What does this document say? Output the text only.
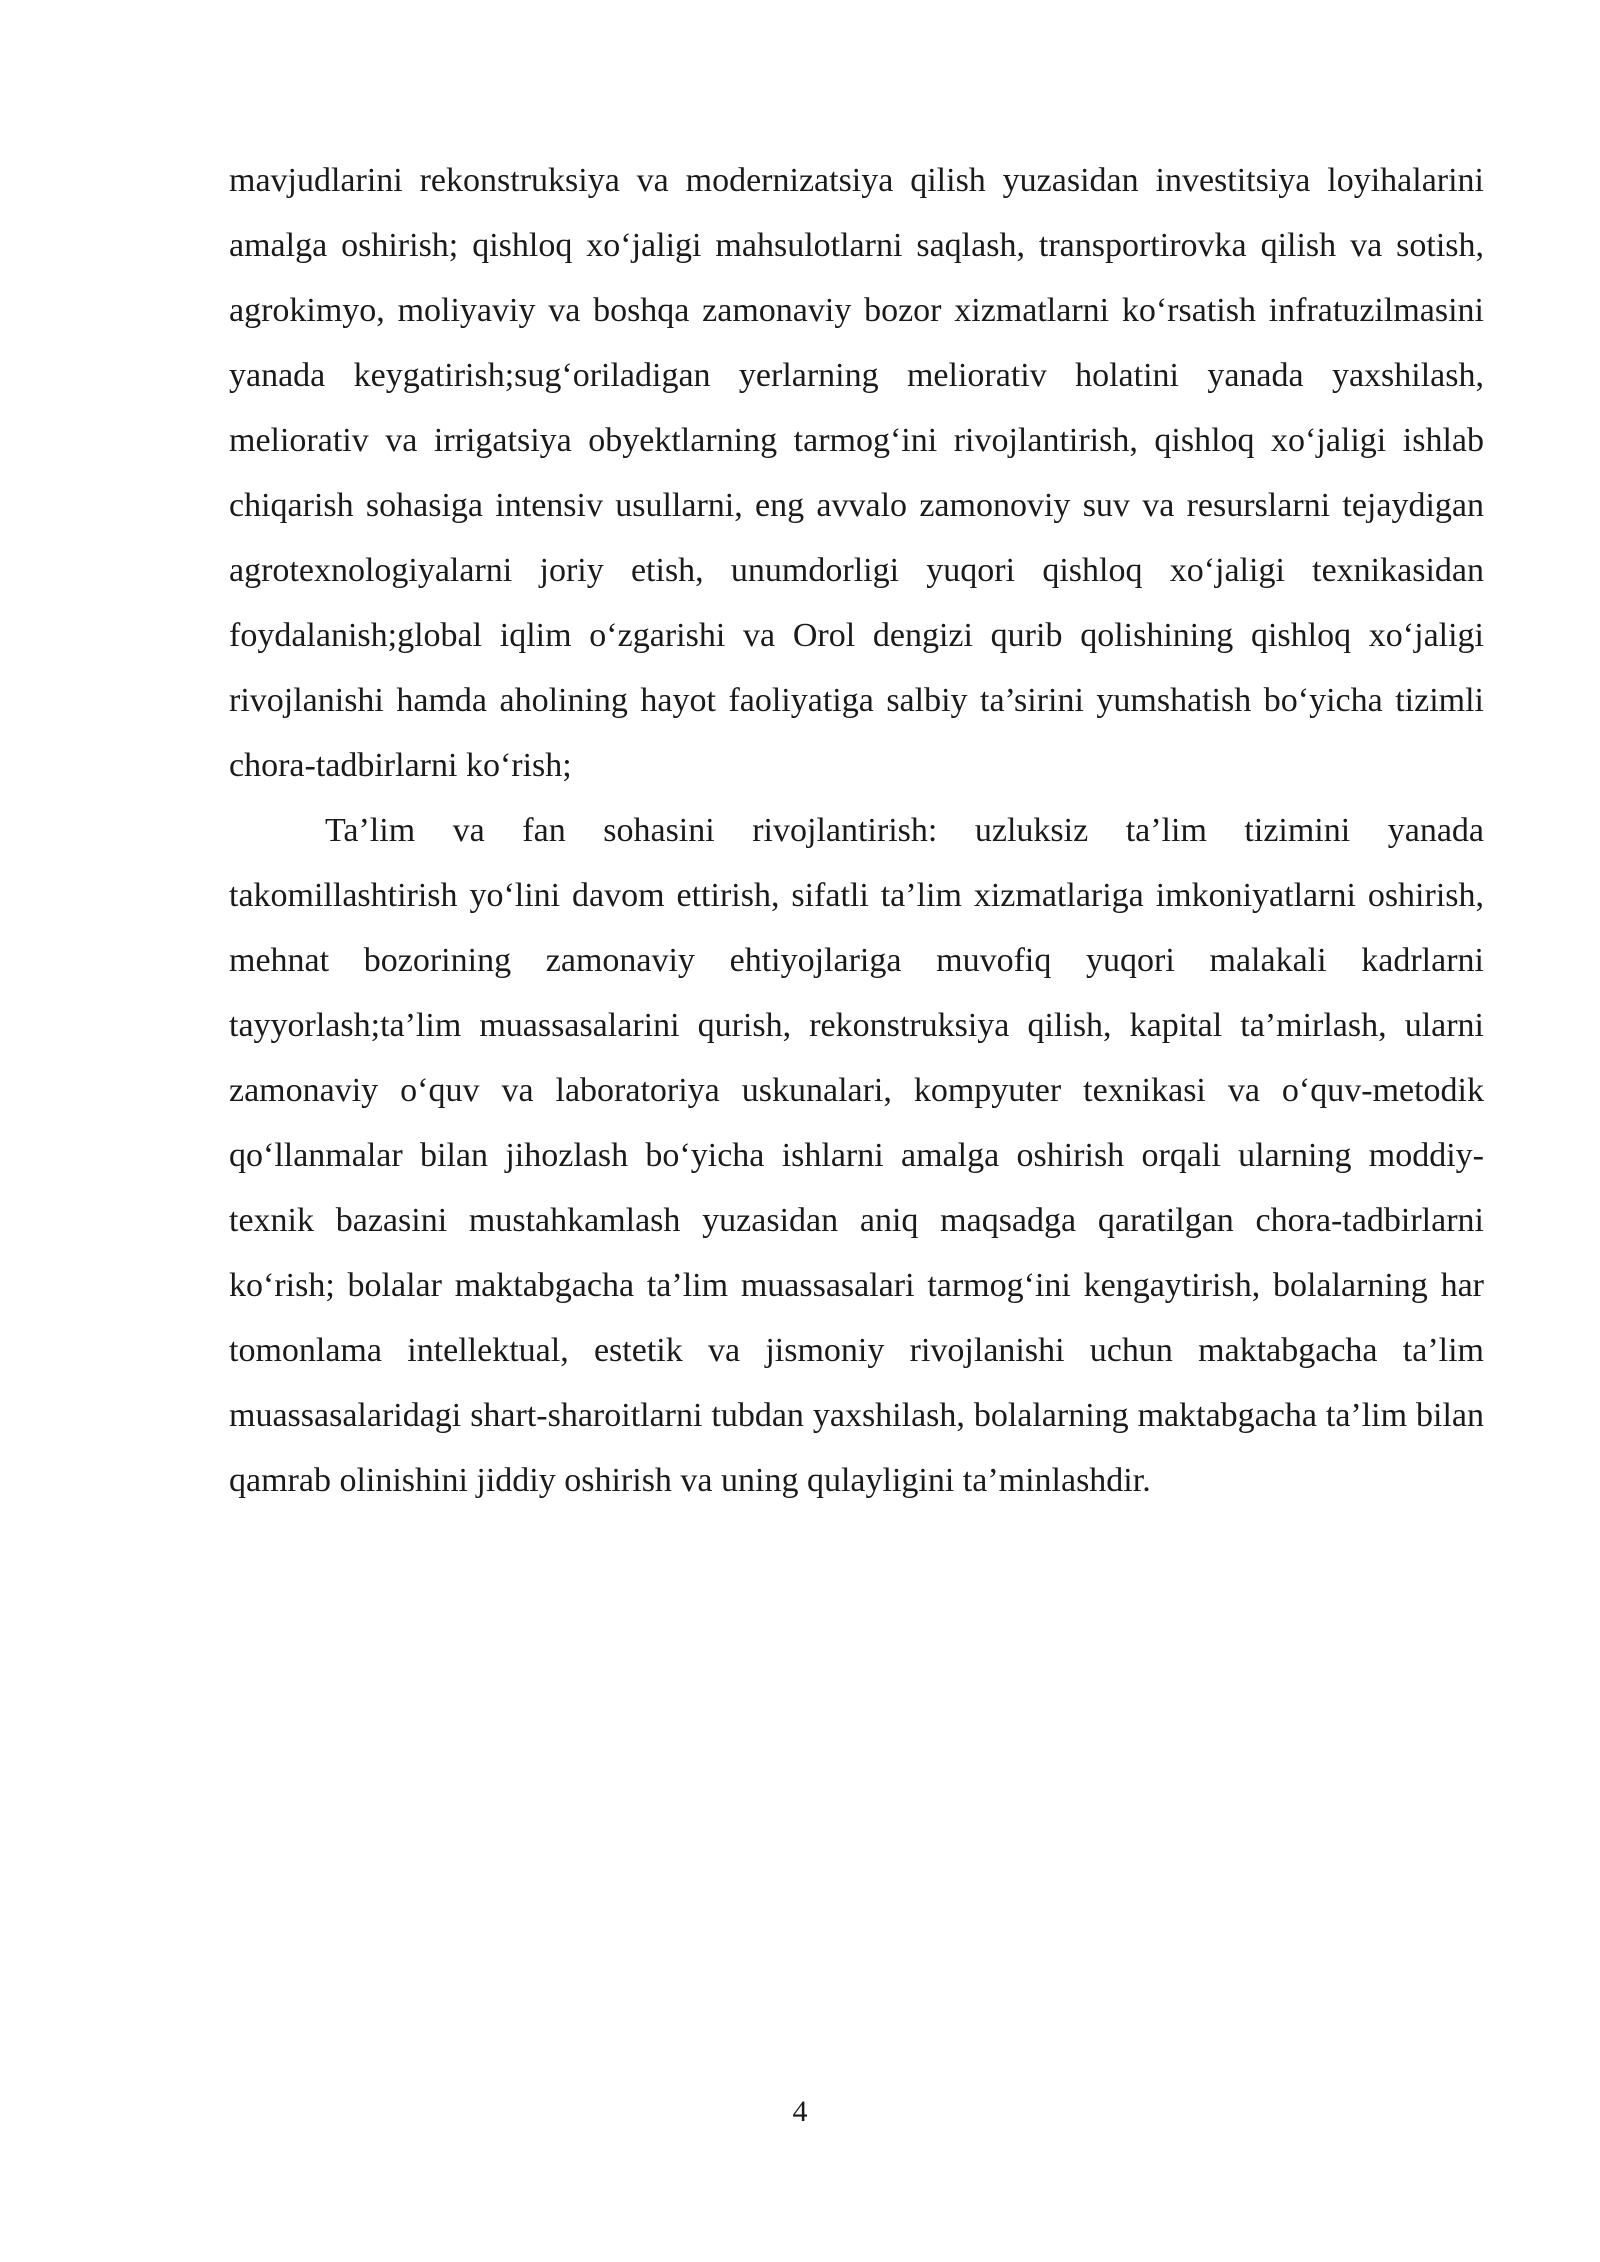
mavjudlarini rekonstruksiya va modernizatsiya qilish yuzasidan investitsiya loyihalarini amalga oshirish; qishloq xo‘jaligi mahsulotlarni saqlash, transportirovka qilish va sotish, agrokimyo, moliyaviy va boshqa zamonaviy bozor xizmatlarni ko‘rsatish infratuzilmasini yanada keygatirish;sug‘oriladigan yerlarning meliorativ holatini yanada yaxshilash, meliorativ va irrigatsiya obyektlarning tarmog‘ini rivojlantirish, qishloq xo‘jaligi ishlab chiqarish sohasiga intensiv usullarni, eng avvalo zamonoviy suv va resurslarni tejaydigan agrotexnologiyalarni joriy etish, unumdorligi yuqori qishloq xo‘jaligi texnikasidan foydalanish;global iqlim o‘zgarishi va Orol dengizi qurib qolishining qishloq xo‘jaligi rivojlanishi hamda aholining hayot faoliyatiga salbiy ta’sirini yumshatish bo‘yicha tizimli chora-tadbirlarni ko‘rish;

Ta’lim va fan sohasini rivojlantirish: uzluksiz ta’lim tizimini yanada takomillashtirish yo‘lini davom ettirish, sifatli ta’lim xizmatlariga imkoniyatlarni oshirish, mehnat bozorining zamonaviy ehtiyojlariga muvofiq yuqori malakali kadrlarni tayyorlash;ta’lim muassasalarini qurish, rekonstruksiya qilish, kapital ta’mirlash, ularni zamonaviy o‘quv va laboratoriya uskunalari, kompyuter texnikasi va o‘quv-metodik qo‘llanmalar bilan jihozlash bo‘yicha ishlarni amalga oshirish orqali ularning moddiy-texnik bazasini mustahkamlash yuzasidan aniq maqsadga qaratilgan chora-tadbirlarni ko‘rish; bolalar maktabgacha ta’lim muassasalari tarmog‘ini kengaytirish, bolalarning har tomonlama intellektual, estetik va jismoniy rivojlanishi uchun maktabgacha ta’lim muassasalaridagi shart-sharoitlarni tubdan yaxshilash, bolalarning maktabgacha ta’lim bilan qamrab olinishini jiddiy oshirish va uning qulayligini ta’minlashdir.

4
